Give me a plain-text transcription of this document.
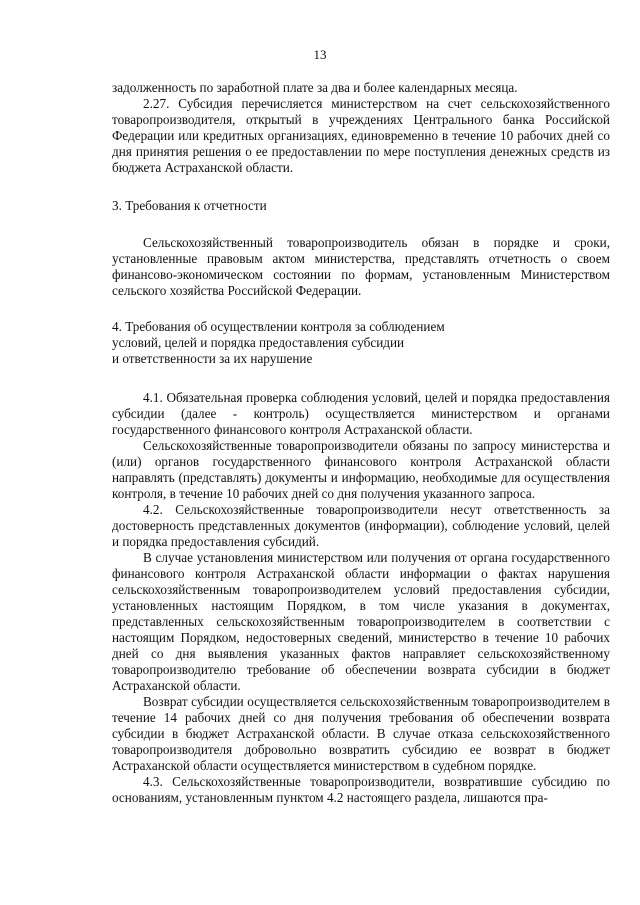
13

задолженность по заработной плате за два и более календарных месяца.

2.27. Субсидия перечисляется министерством на счет сельскохозяйственного товаропроизводителя, открытый в учреждениях Центрального банка Российской Федерации или кредитных организациях, единовременно в течение 10 рабочих дней со дня принятия решения о ее предоставлении по мере поступления денежных средств из бюджета Астраханской области.

3. Требования к отчетности

Сельскохозяйственный товаропроизводитель обязан в порядке и сроки, установленные правовым актом министерства, представлять отчетность о своем финансово-экономическом состоянии по формам, установленным Министерством сельского хозяйства Российской Федерации.

4. Требования об осуществлении контроля за соблюдением

условий, целей и порядка предоставления субсидии

и ответственности за их нарушение

4.1. Обязательная проверка соблюдения условий, целей и порядка предоставления субсидии (далее - контроль) осуществляется министерством и органами государственного финансового контроля Астраханской области.

Сельскохозяйственные товаропроизводители обязаны по запросу министерства и (или) органов государственного финансового контроля Астраханской области направлять (представлять) документы и информацию, необходимые для осуществления контроля, в течение 10 рабочих дней со дня получения указанного запроса.

4.2. Сельскохозяйственные товаропроизводители несут ответственность за достоверность представленных документов (информации), соблюдение условий, целей и порядка предоставления субсидий.

В случае установления министерством или получения от органа государственного финансового контроля Астраханской области информации о фактах нарушения сельскохозяйственным товаропроизводителем условий предоставления субсидии, установленных настоящим Порядком, в том числе указания в документах, представленных сельскохозяйственным товаропроизводителем в соответствии с настоящим Порядком, недостоверных сведений, министерство в течение 10 рабочих дней со дня выявления указанных фактов направляет сельскохозяйственному товаропроизводителю требование об обеспечении возврата субсидии в бюджет Астраханской области.

Возврат субсидии осуществляется сельскохозяйственным товаропроизводителем в течение 14 рабочих дней со дня получения требования об обеспечении возврата субсидии в бюджет Астраханской области. В случае отказа сельскохозяйственного товаропроизводителя добровольно возвратить субсидию ее возврат в бюджет Астраханской области осуществляется министерством в судебном порядке.

4.3. Сельскохозяйственные товаропроизводители, возвратившие субсидию по основаниям, установленным пунктом 4.2 настоящего раздела, лишаются пра-
